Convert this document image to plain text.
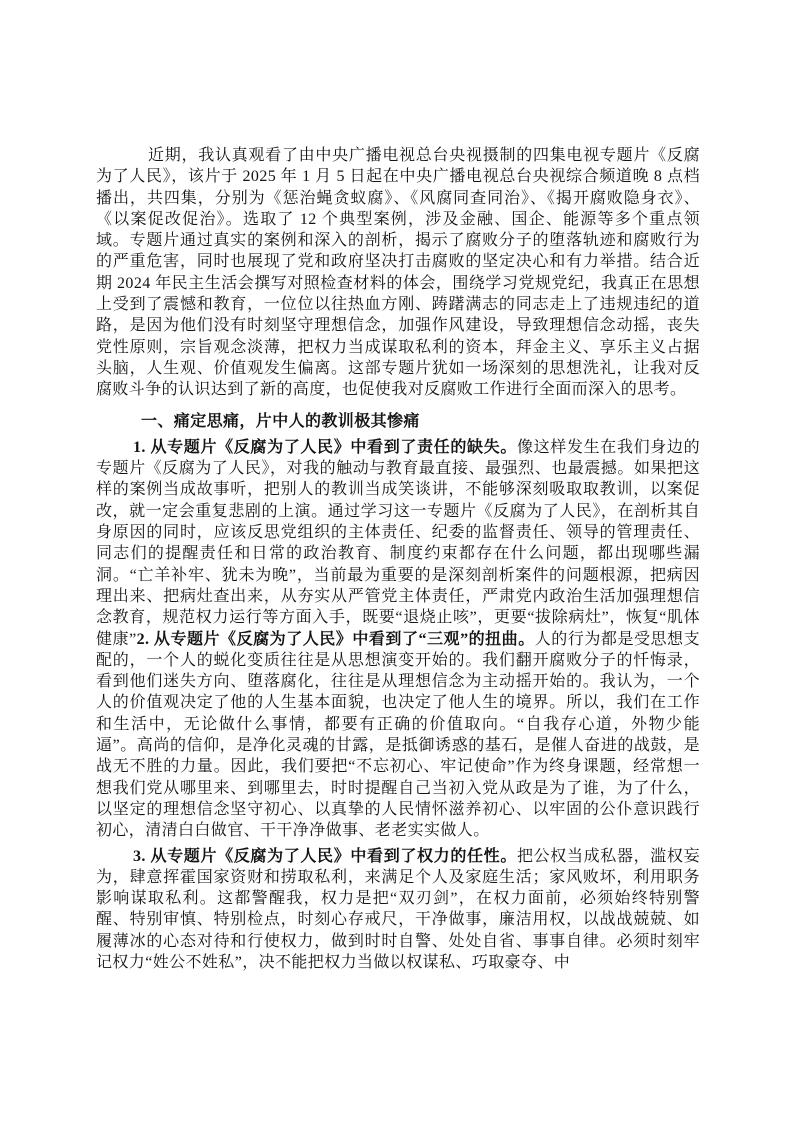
近期，我认真观看了由中央广播电视总台央视摄制的四集电视专题片《反腐为了人民》，该片于 2025 年 1 月 5 日起在中央广播电视总台央视综合频道晚 8 点档播出，共四集，分别为《惩治蝇贪蚁腐》、《风腐同查同治》、《揭开腐败隐身衣》、《以案促改促治》。选取了 12 个典型案例，涉及金融、国企、能源等多个重点领域。专题片通过真实的案例和深入的剖析，揭示了腐败分子的堕落轨迹和腐败行为的严重危害，同时也展现了党和政府坚决打击腐败的坚定决心和有力举措。结合近期 2024 年民主生活会撰写对照检查材料的体会，围绕学习党规党纪，我真正在思想上受到了震憾和教育，一位位以往热血方刚、踌躇满志的同志走上了违规违纪的道路，是因为他们没有时刻坚守理想信念，加强作风建设，导致理想信念动摇，丧失党性原则，宗旨观念淡薄，把权力当成谋取私利的资本，拜金主义、享乐主义占据头脑，人生观、价值观发生偏离。这部专题片犹如一场深刻的思想洗礼，让我对反腐败斗争的认识达到了新的高度，也促使我对反腐败工作进行全面而深入的思考。

一、痛定思痛，片中人的教训极其惨痛

1. 从专题片《反腐为了人民》中看到了责任的缺失。像这样发生在我们身边的专题片《反腐为了人民》，对我的触动与教育最直接、最强烈、也最震撼。如果把这样的案例当成故事听，把别人的教训当成笑谈讲，不能够深刻吸取取教训，以案促改，就一定会重复悲剧的上演。通过学习这一专题片《反腐为了人民》，在剖析其自身原因的同时，应该反思党组织的主体责任、纪委的监督责任、领导的管理责任、同志们的提醒责任和日常的政治教育、制度约束都存在什么问题，都出现哪些漏洞。“亡羊补牢、犹未为晚”，当前最为重要的是深刻剖析案件的问题根源，把病因理出来、把病灶查出来，从夯实从严管党主体责任，严肃党内政治生活加强理想信念教育，规范权力运行等方面入手，既要“退烧止咳”，更要“拔除病灶”，恢复“肌体健康”2. 从专题片《反腐为了人民》中看到了“三观”的扭曲。人的行为都是受思想支配的，一个人的蜕化变质往往是从思想演变开始的。我们翻开腐败分子的忏悔录，看到他们迷失方向、堕落腐化，往往是从理想信念为主动摇开始的。我认为，一个人的价值观决定了他的人生基本面貌，也决定了他人生的境界。所以，我们在工作和生活中，无论做什么事情，都要有正确的价值取向。“自我存心道，外物少能逼”。高尚的信仰，是净化灵魂的甘露，是抵御诱惑的基石，是催人奋进的战鼓，是战无不胜的力量。因此，我们要把“不忘初心、牢记使命”作为终身课题，经常想一想我们党从哪里来、到哪里去，时时提醒自己当初入党从政是为了谁，为了什么，以坚定的理想信念坚守初心、以真挚的人民情怀滋养初心、以牢固的公仆意识践行初心，清清白白做官、干干净净做事、老老实实做人。

3. 从专题片《反腐为了人民》中看到了权力的任性。把公权当成私器，滥权妄为，肆意挥霍国家资财和捞取私利，来满足个人及家庭生活；家风败坏，利用职务影响谋取私利。这都警醒我，权力是把“双刃剑”，在权力面前，必须始终特别警醒、特别审慎、特别检点，时刻心存戒尺，干净做事，廉洁用权，以战战兢兢、如履薄冰的心态对待和行使权力，做到时时自警、处处自省、事事自律。必须时刻牢记权力“姓公不姓私”，决不能把权力当做以权谋私、巧取豪夺、中
